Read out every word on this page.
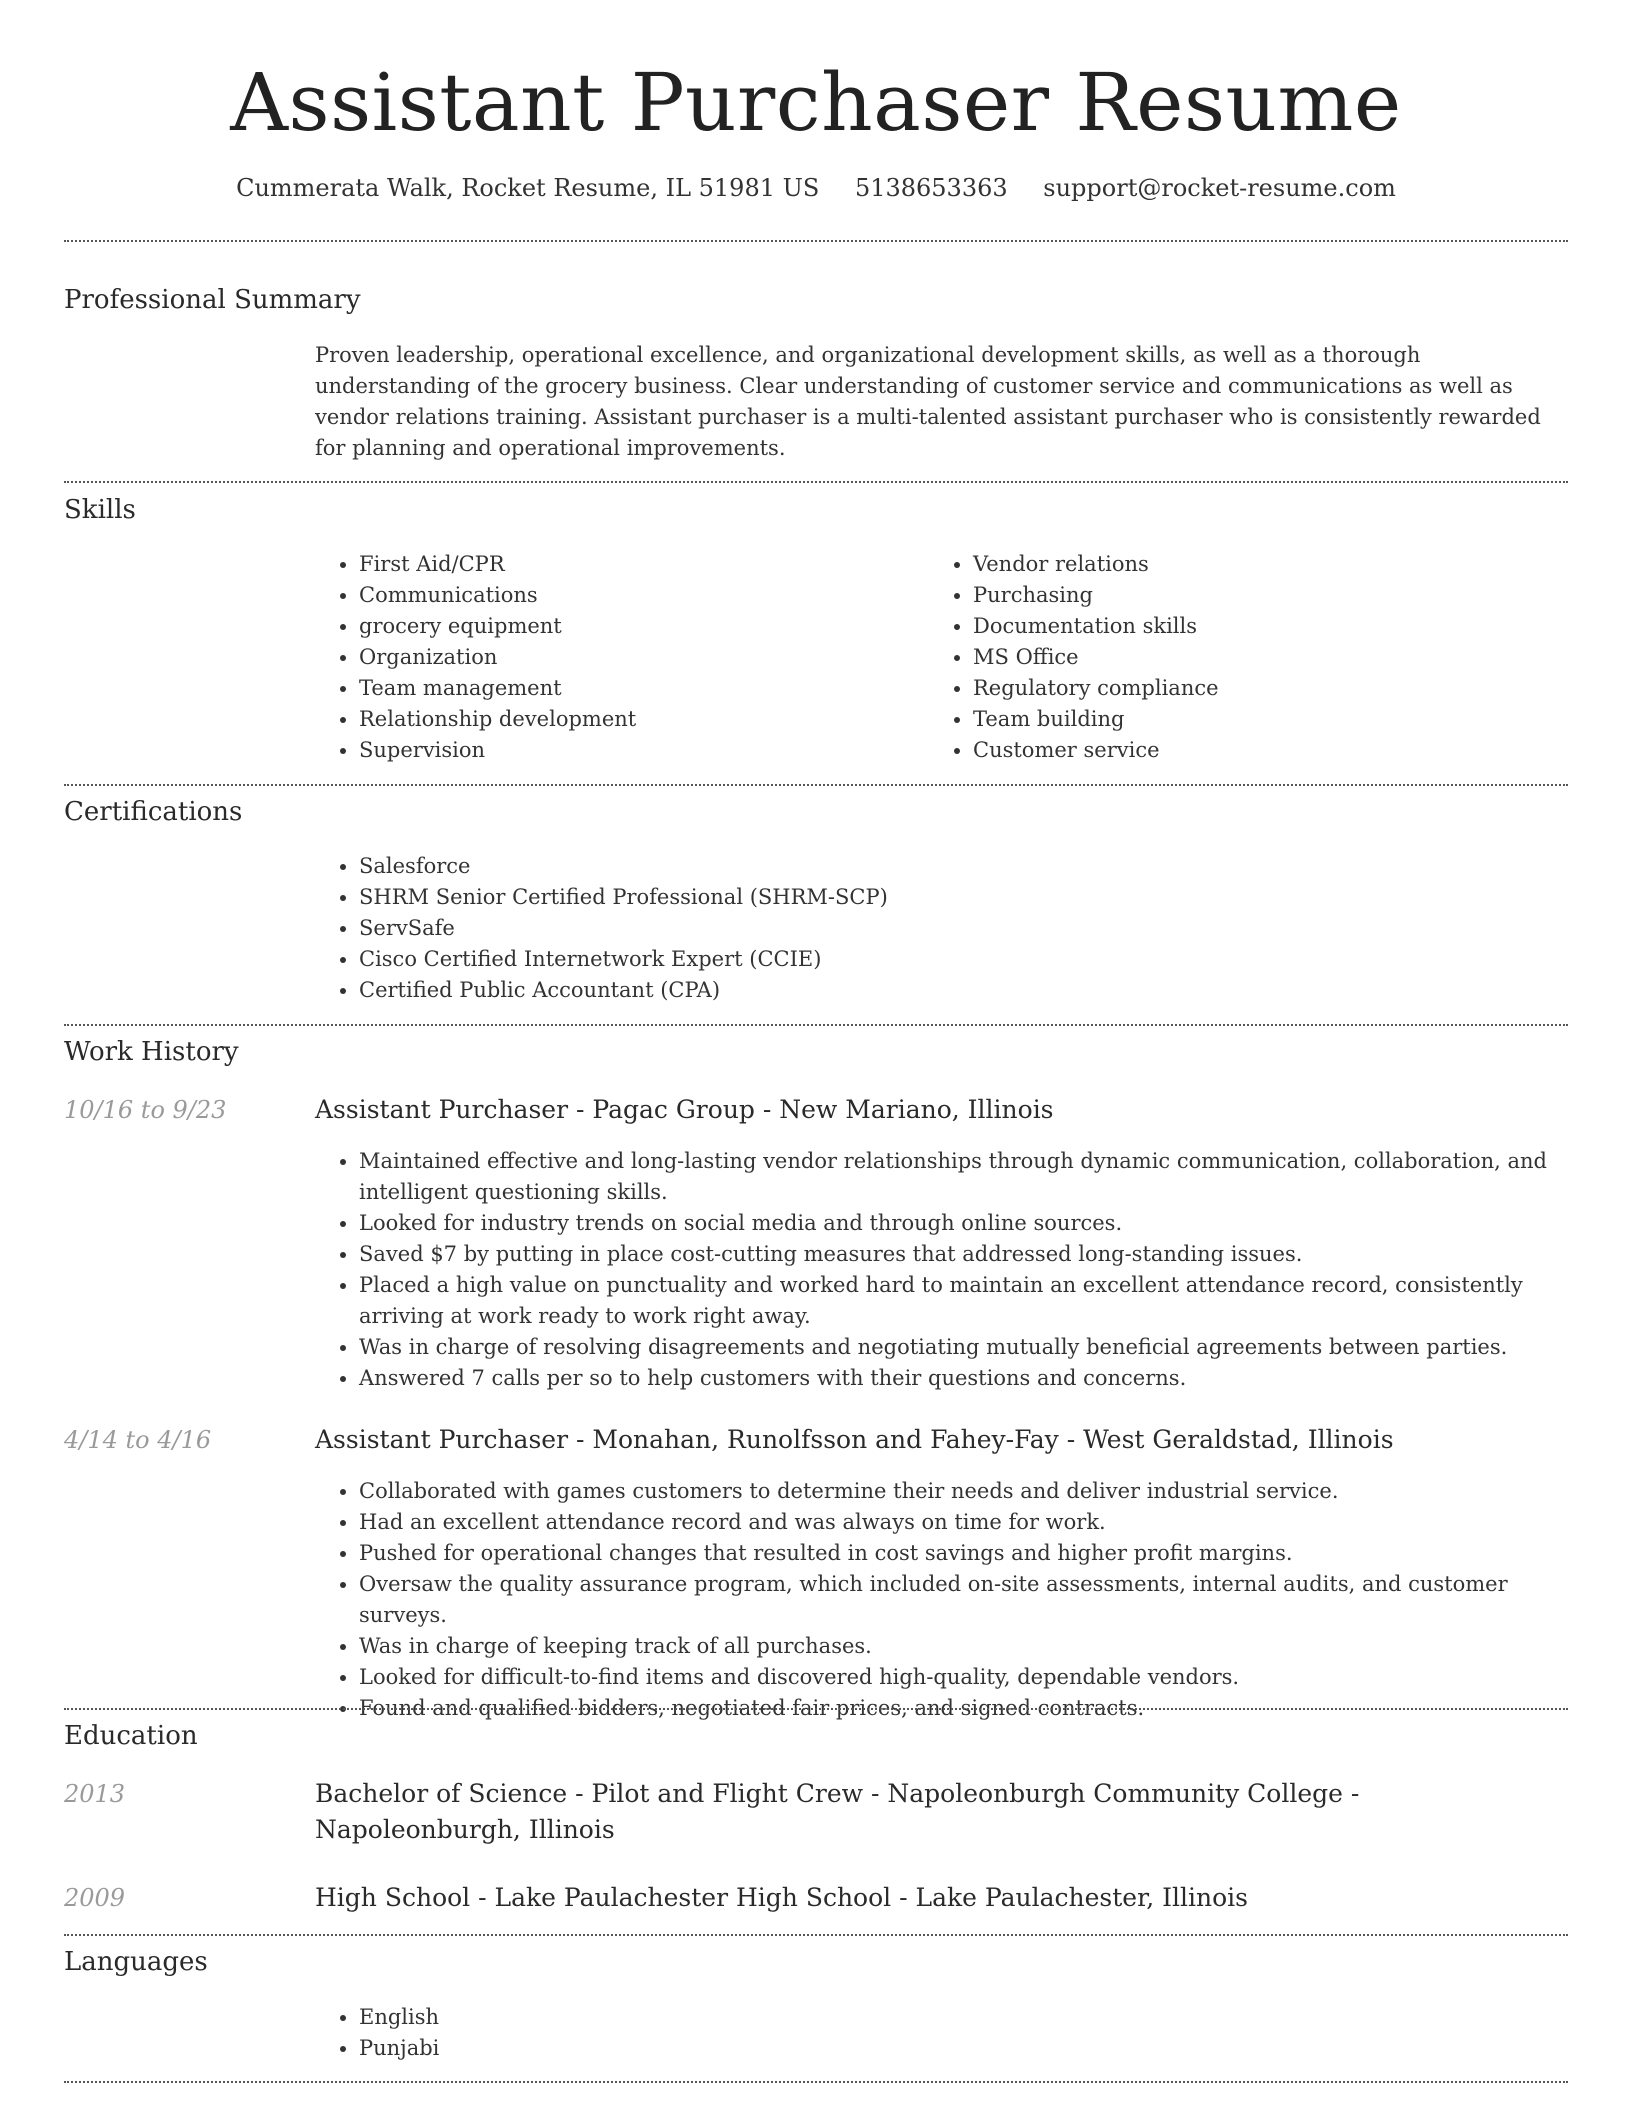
Assistant Purchaser Resume
Cummerata Walk, Rocket Resume, IL 51981 US 5138653363 support@rocket-resume.com
Professional Summary

Proven leadership, operational excellence, and organizational development skills, as well as a thorough understanding of the grocery business. Clear understanding of customer service and communications as well as vendor relations training. Assistant purchaser is a multi-talented assistant purchaser who is consistently rewarded for planning and operational improvements.

Skills
• First Aid/CPR
• Communications
• grocery equipment
• Organization
• Team management
• Relationship development
• Supervision
• Vendor relations
• Purchasing
• Documentation skills
• MS Office
• Regulatory compliance
• Team building
• Customer service
Certifications
• Salesforce
• SHRM Senior Certified Professional (SHRM-SCP)
• ServSafe
• Cisco Certified Internetwork Expert (CCIE)
• Certified Public Accountant (CPA)
Work History
10/16 to 9/23	Assistant Purchaser - Pagac Group - New Mariano, Illinois
• Maintained effective and long-lasting vendor relationships through dynamic communication, collaboration, and intelligent questioning skills.
• Looked for industry trends on social media and through online sources.
• Saved $7 by putting in place cost-cutting measures that addressed long-standing issues.
• Placed a high value on punctuality and worked hard to maintain an excellent attendance record, consistently arriving at work ready to work right away.
• Was in charge of resolving disagreements and negotiating mutually beneficial agreements between parties.
• Answered 7 calls per so to help customers with their questions and concerns.
4/14 to 4/16	Assistant Purchaser - Monahan, Runolfsson and Fahey-Fay - West Geraldstad, Illinois
• Collaborated with games customers to determine their needs and deliver industrial service.
• Had an excellent attendance record and was always on time for work.
• Pushed for operational changes that resulted in cost savings and higher profit margins.
• Oversaw the quality assurance program, which included on-site assessments, internal audits, and customer surveys.
• Was in charge of keeping track of all purchases.
• Looked for difficult-to-find items and discovered high-quality, dependable vendors.
• Found and qualified bidders, negotiated fair prices, and signed contracts.
Education
2013	Bachelor of Science - Pilot and Flight Crew - Napoleonburgh Community College - Napoleonburgh, Illinois
2009	High School - Lake Paulachester High School - Lake Paulachester, Illinois
Languages
• English
• Punjabi
